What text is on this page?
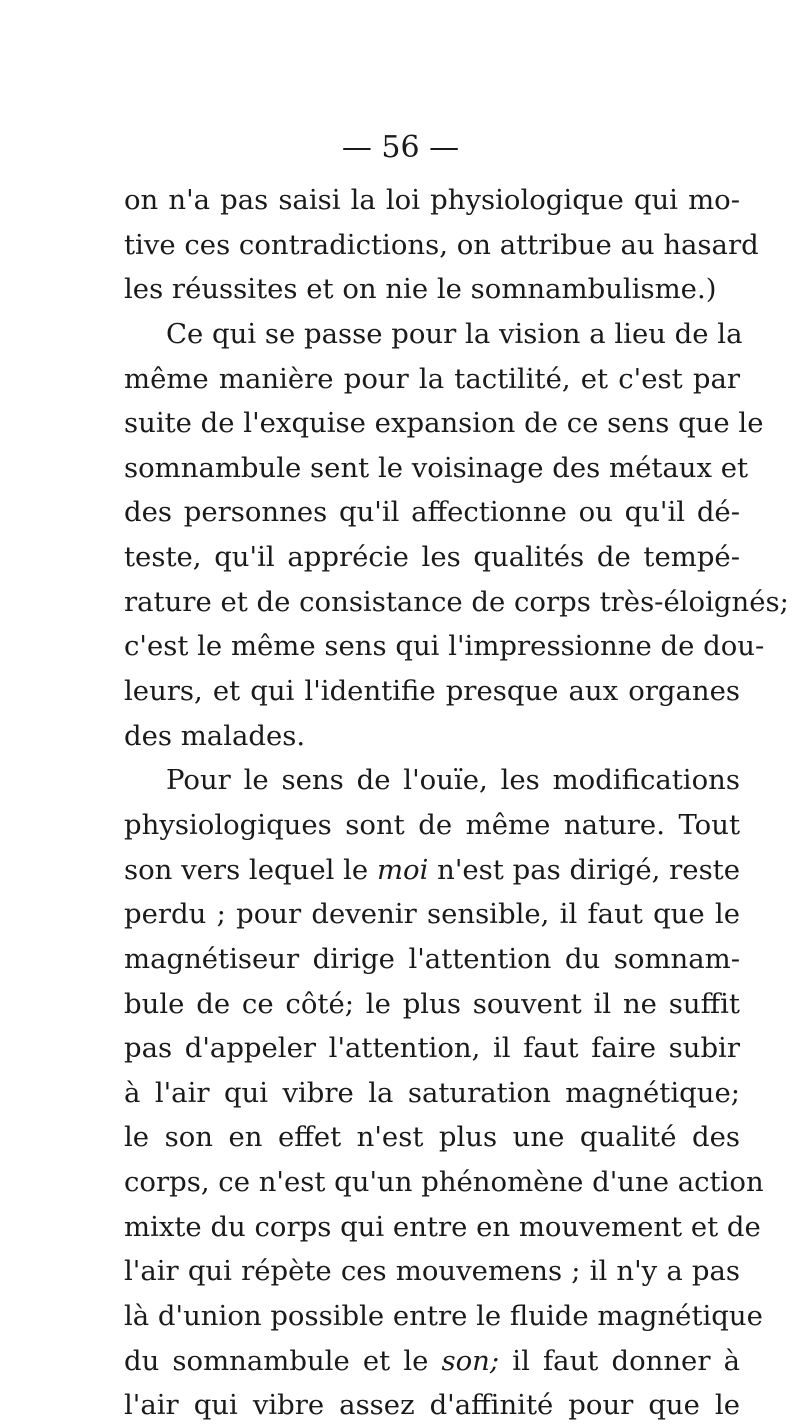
— 56 —
on n'a pas saisi la loi physiologique qui mo-
tive ces contradictions, on attribue au hasard
les réussites et on nie le somnambulisme.)
Ce qui se passe pour la vision a lieu de la
même manière pour la tactilité, et c'est par
suite de l'exquise expansion de ce sens que le
somnambule sent le voisinage des métaux et
des personnes qu'il affectionne ou qu'il dé-
teste, qu'il apprécie les qualités de tempé-
rature et de consistance de corps très-éloignés;
c'est le même sens qui l'impressionne de dou-
leurs, et qui l'identifie presque aux organes
des malades.
Pour le sens de l'ouïe, les modifications
physiologiques sont de même nature. Tout
son vers lequel le moi n'est pas dirigé, reste
perdu ; pour devenir sensible, il faut que le
magnétiseur dirige l'attention du somnam-
bule de ce côté; le plus souvent il ne suffit
pas d'appeler l'attention, il faut faire subir
à l'air qui vibre la saturation magnétique;
le son en effet n'est plus une qualité des
corps, ce n'est qu'un phénomène d'une action
mixte du corps qui entre en mouvement et de
l'air qui répète ces mouvemens ; il n'y a pas
là d'union possible entre le fluide magnétique
du somnambule et le son; il faut donner à
l'air qui vibre assez d'affinité pour que le
